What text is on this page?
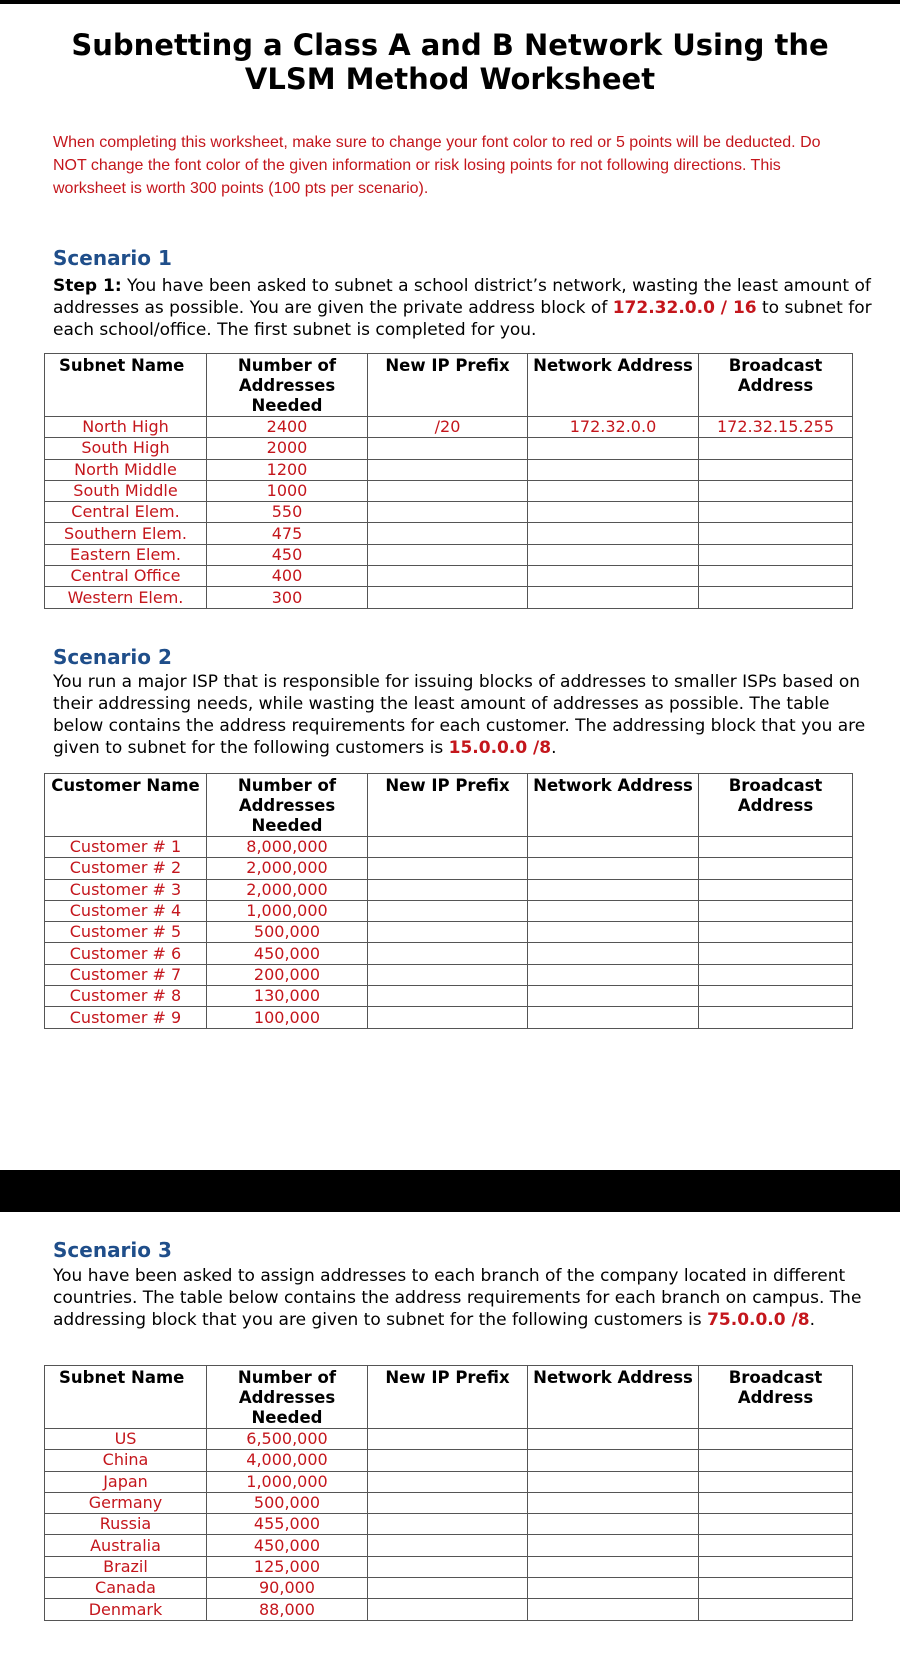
Subnetting a Class A and B Network Using the
VLSM Method Worksheet

When completing this worksheet, make sure to change your font color to red or 5 points will be deducted. Do NOT change the font color of the given information or risk losing points for not following directions. This worksheet is worth 300 points (100 pts per scenario).

Scenario 1

Step 1: You have been asked to subnet a school district’s network, wasting the least amount of addresses as possible. You are given the private address block of 172.32.0.0 / 16 to subnet for each school/office. The first subnet is completed for you.

Subnet Name	Number of Addresses Needed	New IP Prefix	Network Address	Broadcast Address
North High	2400	/20	172.32.0.0	172.32.15.255
South High	2000			
North Middle	1200			
South Middle	1000			
Central Elem.	550			
Southern Elem.	475			
Eastern Elem.	450			
Central Office	400			
Western Elem.	300			
Scenario 2

You run a major ISP that is responsible for issuing blocks of addresses to smaller ISPs based on their addressing needs, while wasting the least amount of addresses as possible. The table below contains the address requirements for each customer. The addressing block that you are given to subnet for the following customers is 15.0.0.0 /8.

Customer Name	Number of Addresses Needed	New IP Prefix	Network Address	Broadcast Address
Customer # 1	8,000,000			
Customer # 2	2,000,000			
Customer # 3	2,000,000			
Customer # 4	1,000,000			
Customer # 5	500,000			
Customer # 6	450,000			
Customer # 7	200,000			
Customer # 8	130,000			
Customer # 9	100,000			
Scenario 3

You have been asked to assign addresses to each branch of the company located in different countries. The table below contains the address requirements for each branch on campus. The addressing block that you are given to subnet for the following customers is 75.0.0.0 /8.

Subnet Name	Number of Addresses Needed	New IP Prefix	Network Address	Broadcast Address
US	6,500,000			
China	4,000,000			
Japan	1,000,000			
Germany	500,000			
Russia	455,000			
Australia	450,000			
Brazil	125,000			
Canada	90,000			
Denmark	88,000			
